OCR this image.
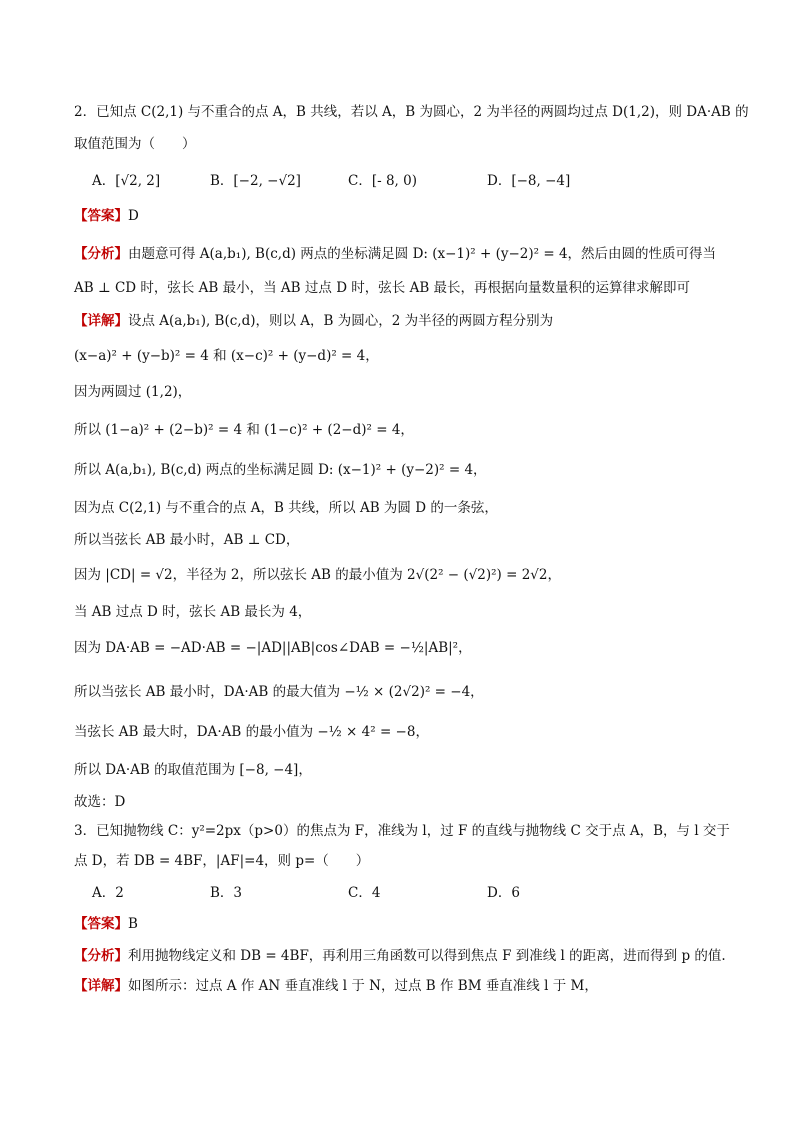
2．已知点 C(2,1) 与不重合的点 A，B 共线，若以 A，B 为圆心，2 为半径的两圆均过点 D(1,2)，则 DA·AB 的
取值范围为（　　）
A．[√2, 2]	B．[−2, −√2]	C．[- 8, 0)	D．[−8, −4]
【答案】D
【分析】由题意可得 A(a,b₁), B(c,d) 两点的坐标满足圆 D: (x−1)² + (y−2)² = 4，然后由圆的性质可得当
AB ⊥ CD 时，弦长 AB 最小，当 AB 过点 D 时，弦长 AB 最长，再根据向量数量积的运算律求解即可
【详解】设点 A(a,b₁), B(c,d)，则以 A，B 为圆心，2 为半径的两圆方程分别为
(x−a)² + (y−b)² = 4 和 (x−c)² + (y−d)² = 4，
因为两圆过 (1,2)，
所以 (1−a)² + (2−b)² = 4 和 (1−c)² + (2−d)² = 4，
所以 A(a,b₁), B(c,d) 两点的坐标满足圆 D: (x−1)² + (y−2)² = 4，
因为点 C(2,1) 与不重合的点 A，B 共线，所以 AB 为圆 D 的一条弦，
所以当弦长 AB 最小时，AB ⊥ CD，
因为 |CD| = √2，半径为 2，所以弦长 AB 的最小值为 2√(2² − (√2)²) = 2√2，
当 AB 过点 D 时，弦长 AB 最长为 4，
因为 DA·AB = −AD·AB = −|AD||AB|cos∠DAB = −½|AB|²，
所以当弦长 AB 最小时，DA·AB 的最大值为 −½ × (2√2)² = −4，
当弦长 AB 最大时，DA·AB 的最小值为 −½ × 4² = −8，
所以 DA·AB 的取值范围为 [−8, −4]，
故选：D
3．已知抛物线 C：y²=2px（p>0）的焦点为 F，准线为 l，过 F 的直线与抛物线 C 交于点 A，B，与 l 交于
点 D，若 DB = 4BF，|AF|=4，则 p=（　　）
A．2	B．3	C．4	D．6
【答案】B
【分析】利用抛物线定义和 DB = 4BF，再利用三角函数可以得到焦点 F 到准线 l 的距离，进而得到 p 的值.
【详解】如图所示：过点 A 作 AN 垂直准线 l 于 N，过点 B 作 BM 垂直准线 l 于 M，
